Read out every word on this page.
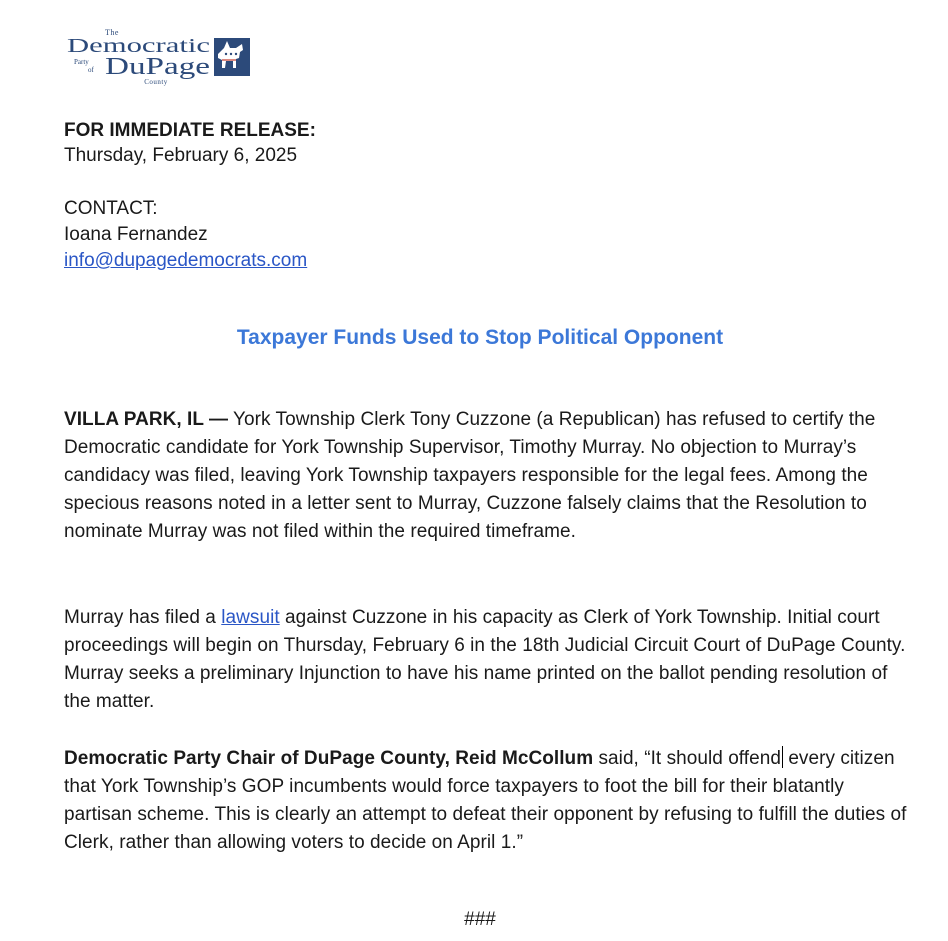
The
Democratic
Party
of DuPage
County
FOR IMMEDIATE RELEASE:
Thursday, February 6, 2025
CONTACT:
Ioana Fernandez
info@dupagedemocrats.com
Taxpayer Funds Used to Stop Political Opponent
VILLA PARK, IL — York Township Clerk Tony Cuzzone (a Republican) has refused to certify the Democratic candidate for York Township Supervisor, Timothy Murray. No objection to Murray’s candidacy was filed, leaving York Township taxpayers responsible for the legal fees. Among the specious reasons noted in a letter sent to Murray, Cuzzone falsely claims that the Resolution to nominate Murray was not filed within the required timeframe.
Murray has filed a lawsuit against Cuzzone in his capacity as Clerk of York Township. Initial court proceedings will begin on Thursday, February 6 in the 18th Judicial Circuit Court of DuPage County. Murray seeks a preliminary Injunction to have his name printed on the ballot pending resolution of the matter.
Democratic Party Chair of DuPage County, Reid McCollum said, “It should offend every citizen that York Township’s GOP incumbents would force taxpayers to foot the bill for their blatantly partisan scheme. This is clearly an attempt to defeat their opponent by refusing to fulfill the duties of Clerk, rather than allowing voters to decide on April 1.”
###
